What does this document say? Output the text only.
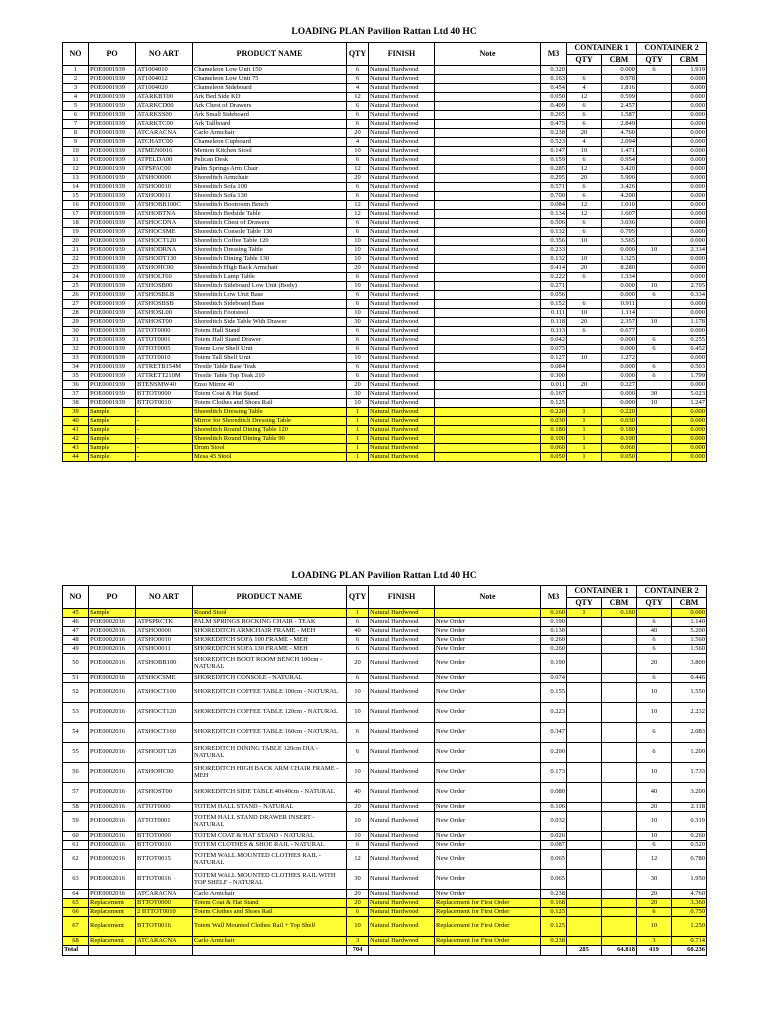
LOADING PLAN Pavilion Rattan Ltd 40 HC
NO	PO	NO ART	PRODUCT NAME	QTY	FINISH	Note	M3	CONTAINER 1		CONTAINER 2	
								QTY	CBM	QTY	CBM
1	POE0001939	AT1004010	Chameleon Low Unit 150	6	Natural Hardwood		0.320		0.000	6	1.919
2	POE0001939	AT1004012	Chameleon Low Unit 75	6	Natural Hardwood		0.163	6	0.978		0.000
3	POE0001939	AT1004020	Chameleon Sideboard	4	Natural Hardwood		0.454	4	1.816		0.000
4	POE0001939	ATARKBT00	Ark Bed Side KD	12	Natural Hardwood		0.050	12	0.599		0.000
5	POE0001939	ATARKCD00	Ark Chest of Drawers	6	Natural Hardwood		0.409	6	2.457		0.000
6	POE0001939	ATARKSS00	Ark Small Sideboard	6	Natural Hardwood		0.265	6	1.587		0.000
7	POE0001939	ATARKTC00	Ark Tallboard	6	Natural Hardwood		0.475	6	2.849		0.000
8	POE0001939	ATCARACNA	Carlo Armchair	20	Natural Hardwood		0.238	20	4.760		0.000
9	POE0001939	ATCHATC00	Chameleon Cupboard	4	Natural Hardwood		0.523	4	2.094		0.000
10	POE0001939	ATMEN0016	Menton Kitchen Stool	10	Natural Hardwood		0.147	10	1.471		0.000
11	POE0001939	ATPELDA00	Pelican Desk	6	Natural Hardwood		0.159	6	0.954		0.000
12	POE0001939	ATPSPAC00	Palm Springs Arm Chair	12	Natural Hardwood		0.285	12	3.420		0.000
13	POE0001939	ATSHO0000	Shoreditch Armchair	20	Natural Hardwood		0.295	20	5.900		0.000
14	POE0001939	ATSHO0010	Shoreditch Sofa 100	6	Natural Hardwood		0.571	6	3.426		0.000
15	POE0001939	ATSHO0011	Shoreditch Sofa 130	6	Natural Hardwood		0.700	6	4.200		0.000
16	POE0001939	ATSHOBB100C	Shoreditch Bootroom Bench	12	Natural Hardwood		0.084	12	1.010		0.000
17	POE0001939	ATSHOBTNA	Shoreditch Bedside Table	12	Natural Hardwood		0.134	12	1.607		0.000
18	POE0001939	ATSHOCDNA	Shoreditch Chest of Drawers	6	Natural Hardwood		0.506	6	3.036		0.000
19	POE0001939	ATSHOCSME	Shoreditch Console Table 130	6	Natural Hardwood		0.132	6	0.795		0.000
20	POE0001939	ATSHOCT120	Shoreditch Coffee Table 120	10	Natural Hardwood		0.356	10	3.565		0.000
21	POE0001939	ATSHODRNA	Shoreditch Dressing Table	10	Natural Hardwood		0.233		0.000	10	2.334
22	POE0001939	ATSHODT130	Shoreditch Dining Table 130	10	Natural Hardwood		0.132	10	1.325		0.000
23	POE0001939	ATSHOHC00	Shoreditch High Back Armchair	20	Natural Hardwood		0.414	20	8.280		0.000
24	POE0001939	ATSHOLT60	Shoreditch Lamp Table	6	Natural Hardwood		0.222	6	1.334		0.000
25	POE0001939	ATSHOSB00	Shoreditch Sideboard Low Unit (Body)	10	Natural Hardwood		0.271		0.000	10	2.705
26	POE0001939	ATSHOSBLB	Shoreditch Low Unit Base	6	Natural Hardwood		0.056		0.000	6	0.334
27	POE0001939	ATSHOSBSB	Shoreditch Sideboard Base	6	Natural Hardwood		0.152	6	0.911		0.000
28	POE0001939	ATSHOSL00	Shoreditch Footstool	10	Natural Hardwood		0.111	10	1.114		0.000
29	POE0001939	ATSHOST00	Shoreditch Side Table With Drawer	30	Natural Hardwood		0.118	20	2.357	10	1.178
30	POE0001939	ATTOT0000	Totem Hall Stand	6	Natural Hardwood		0.113	6	0.677		0.000
31	POE0001939	ATTOT0001	Totem Hall Stand Drawer	6	Natural Hardwood		0.042		0.000	6	0.255
32	POE0001939	ATTOT0005	Totem Low Shelf Unit	6	Natural Hardwood		0.075		0.000	6	0.452
33	POE0001939	ATTOT0010	Totem Tall Shelf Unit	10	Natural Hardwood		0.127	10	1.272		0.000
34	POE0001939	ATTRETB154M	Trestle Table Base Teak	6	Natural Hardwood		0.084		0.000	6	0.503
35	POE0001939	ATTRETT210M	Trestle Table Top Teak 210	6	Natural Hardwood		0.300		0.000	6	1.799
36	POE0001939	BTENSMW40	Enso Mirror 40	20	Natural Hardwood		0.011	20	0.227		0.000
37	POE0001939	BTTOT0000	Totem Coat & Hat Stand	30	Natural Hardwood		0.167		0.000	30	5.023
38	POE0001939	BTTOT0010	Totem Clothes and Shoes Rail	10	Natural Hardwood		0.125		0.000	10	1.247
39	Sample	-	Shoreditch Dressing Table	1	Natural Hardwood		0.220	1	0.220		0.000
40	Sample	-	Mirror for Shoreditch Dressing Table	1	Natural Hardwood		0.030	1	0.030		0.000
41	Sample	-	Shoreditch Round Dining Table 120	1	Natural Hardwood		0.180	1	0.180		0.000
42	Sample	-	Shoreditch Round Dining Table 90	1	Natural Hardwood		0.100	1	0.100		0.000
43	Sample	-	Drum Stool	1	Natural Hardwood		0.060	1	0.060		0.000
44	Sample	-	Mesa 45 Stool	1	Natural Hardwood		0.050	1	0.050		0.000
LOADING PLAN Pavilion Rattan Ltd 40 HC
NO	PO	NO ART	PRODUCT NAME	QTY	FINISH	Note	M3	CONTAINER 1		CONTAINER 2	
								QTY	CBM	QTY	CBM
45	Sample		Round Stool	1	Natural Hardwood		0.160	1	0.160		0.000
46	POE0002016	ATPSPRCTK	PALM SPRINGS ROCKING CHAIR - TEAK	6	Natural Hardwood	New Order	0.190			6	1.140
47	POE0002016	ATSHO0000	SHOREDITCH ARMCHAIR FRAME - MEH	40	Natural Hardwood	New Order	0.130			40	5.200
48	POE0002016	ATSHO0010	SHOREDITCH SOFA 100 FRAME - MEH	6	Natural Hardwood	New Order	0.260			6	1.560
49	POE0002016	ATSHO0011	SHOREDITCH SOFA 130 FRAME - MEH	6	Natural Hardwood	New Order	0.260			6	1.560
50	POE0002016	ATSHOBB100	SHOREDITCH BOOT ROOM BENCH 100cm - NATURAL	20	Natural Hardwood	New Order	0.190			20	3.800
51	POE0002016	ATSHOCSME	SHOREDITCH CONSOLE - NATURAL	6	Natural Hardwood	New Order	0.074			6	0.446
52	POE0002016	ATSHOCT100	SHOREDITCH COFFEE TABLE 100cm - NATURAL	10	Natural Hardwood	New Order	0.155			10	1.550
53	POE0002016	ATSHOCT120	SHOREDITCH COFFEE TABLE 120cm - NATURAL	10	Natural Hardwood	New Order	0.223			10	2.232
54	POE0002016	ATSHOCT160	SHOREDITCH COFFEE TABLE 160cm - NATURAL	6	Natural Hardwood	New Order	0.347			6	2.083
55	POE0002016	ATSHODT120	SHOREDITCH DINING TABLE 120cm DIA - NATURAL	6	Natural Hardwood	New Order	0.200			6	1.200
56	POE0002016	ATSHOHC00	SHOREDITCH HIGH BACK ARM CHAIR FRAME - MEH	10	Natural Hardwood	New Order	0.173			10	1.733
57	POE0002016	ATSHOST00	SHOREDITCH SIDE TABLE 40x40cm - NATURAL	40	Natural Hardwood	New Order	0.080			40	3.200
58	POE0002016	ATTOT0000	TOTEM HALL STAND - NATURAL	20	Natural Hardwood	New Order	0.106			20	2.118
59	POE0002016	ATTOT0001	TOTEM HALL STAND DRAWER INSERT - NATURAL	10	Natural Hardwood	New Order	0.032			10	0.319
60	POE0002016	BTTOT0000	TOTEM COAT & HAT STAND - NATURAL	10	Natural Hardwood	New Order	0.026			10	0.260
61	POE0002016	BTTOT0010	TOTEM CLOTHES & SHOE RAIL - NATURAL	6	Natural Hardwood	New Order	0.087			6	0.520
62	POE0002016	BTTOT0015	TOTEM WALL MOUNTED CLOTHES RAIL - NATURAL	12	Natural Hardwood	New Order	0.065			12	0.780
63	POE0002016	BTTOT0016	TOTEM WALL MOUNTED CLOTHES RAIL WITH TOP SHELF - NATURAL	30	Natural Hardwood	New Order	0.065			30	1.950
64	POE0002016	ATCARACNA	Carlo Armchair	20	Natural Hardwood	New Order	0.238			20	4.760
65	Replacement	BTTOT0000	Totem Coat & Hat Stand	20	Natural Hardwood	Replacement for First Order	0.168			20	3.360
66	Replacement	2 BTTOT0010	Totem Clothes and Shoes Rail	6	Natural Hardwood	Replacement for First Order	0.125			6	0.750
67	Replacement	BTTOT0016	Totem Wall Mounted Clothes Rail + Top Shelf	10	Natural Hardwood	Replacement for First Order	0.125			10	1.250
68	Replacement	ATCARACNA	Carlo Armchair	3	Natural Hardwood	Replacement for First Order	0.238			3	0.714
Total				704				285	64.818	419	60.236
